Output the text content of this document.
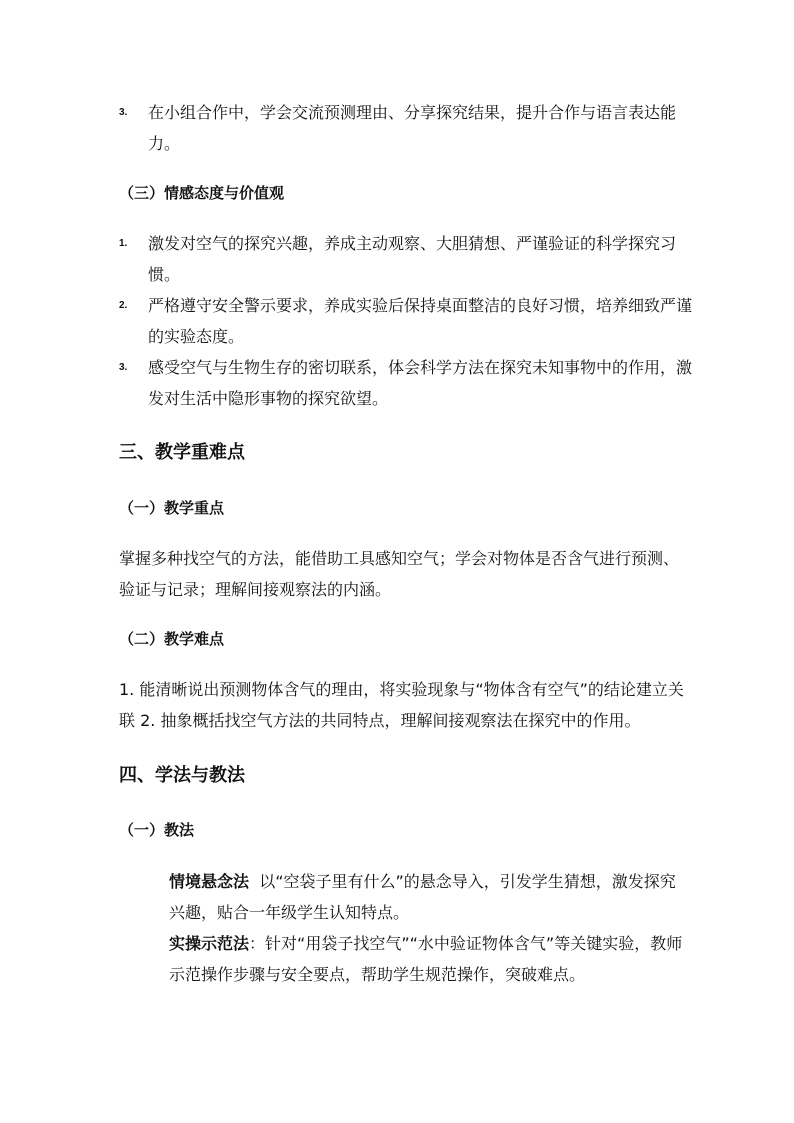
3.	在小组合作中，学会交流预测理由、分享探究结果，提升合作与语言表达能力。
（三）情感态度与价值观
1.	激发对空气的探究兴趣，养成主动观察、大胆猜想、严谨验证的科学探究习惯。
2.	严格遵守安全警示要求，养成实验后保持桌面整洁的良好习惯，培养细致严谨的实验态度。
3.	感受空气与生物生存的密切联系，体会科学方法在探究未知事物中的作用，激发对生活中隐形事物的探究欲望。
三、教学重难点
（一）教学重点
掌握多种找空气的方法，能借助工具感知空气；学会对物体是否含气进行预测、验证与记录；理解间接观察法的内涵。
（二）教学难点
1. 能清晰说出预测物体含气的理由，将实验现象与“物体含有空气”的结论建立关联 2. 抽象概括找空气方法的共同特点，理解间接观察法在探究中的作用。
四、学法与教法
（一）教法
情境悬念法 以“空袋子里有什么”的悬念导入，引发学生猜想，激发探究兴趣，贴合一年级学生认知特点。
实操示范法：针对“用袋子找空气”“水中验证物体含气”等关键实验，教师示范操作步骤与安全要点，帮助学生规范操作，突破难点。
